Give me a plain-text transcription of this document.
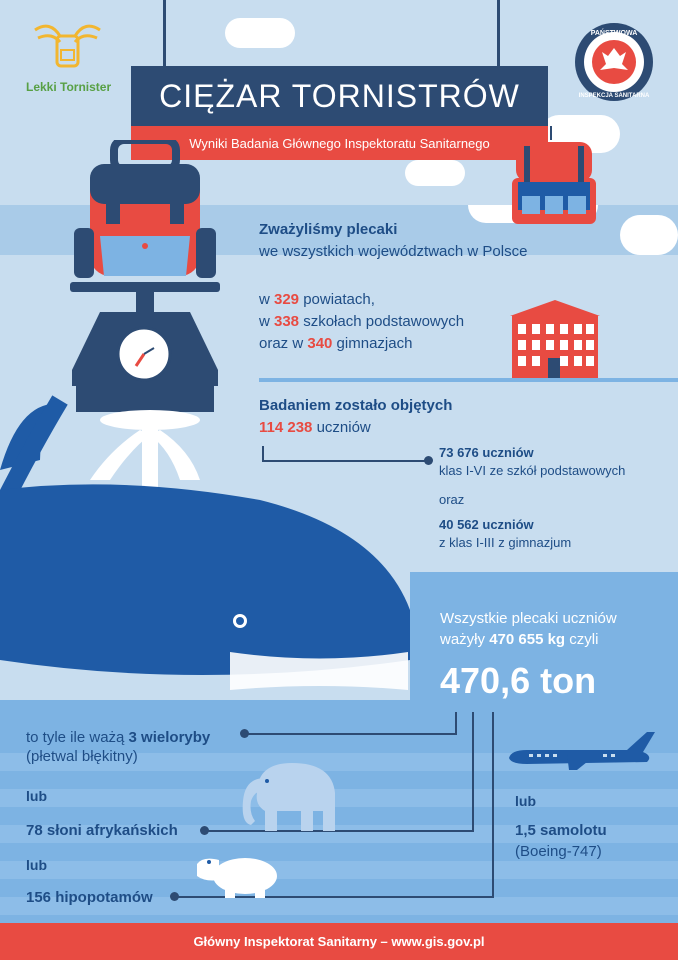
Lekki Tornister
PAŃSTWOWA
INSPEKCJA SANITARNA
CIĘŻAR TORNISTRÓW
Wyniki Badania Głównego Inspektoratu Sanitarnego
Zważyliśmy plecaki
we wszystkich województwach w Polsce
w 329 powiatach,
w 338 szkołach podstawowych
oraz w 340 gimnazjach
Badaniem zostało objętych
114 238 uczniów
73 676 uczniów
klas I-VI ze szkół podstawowych
oraz
40 562 uczniów
z klas I-III z gimnazjum
Wszystkie plecaki uczniów
ważyły 470 655 kg czyli
470,6 ton
to tyle ile ważą 3 wieloryby
(płetwal błękitny)
lub
78 słoni afrykańskich
lub
156 hipopotamów
lub
1,5 samolotu
(Boeing-747)
Główny Inspektorat Sanitarny – www.gis.gov.pl
